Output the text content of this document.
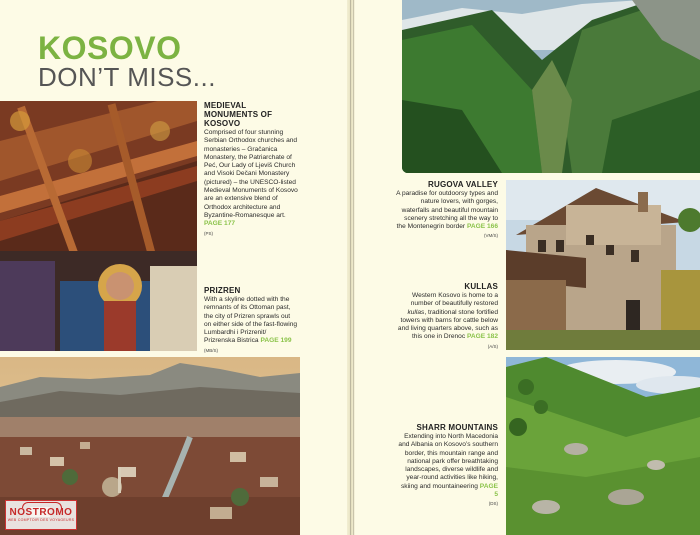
KOSOVO
DON’T MISS...
MEDIEVAL MONUMENTS OF KOSOVO

Comprised of four stunning Serbian Orthodox churches and monasteries – Gračanica Monastery, the Patriarchate of Peć, Our Lady of Ljeviš Church and Visoki Dečani Monastery (pictured) – the UNESCO-listed Medieval Monuments of Kosovo are an extensive blend of Orthodox architecture and Byzantine-Romanesque art. PAGE 177
(PS)

PRIZREN

With a skyline dotted with the remnants of its Ottoman past, the city of Prizren sprawls out on either side of the fast-flowing Lumbardhi i Prizrenit/ Prizrenska Bistrica PAGE 199
(MB/S)

RUGOVA VALLEY

A paradise for outdoorsy types and nature lovers, with gorges, waterfalls and beautiful mountain scenery stretching all the way to the Montenegrin border PAGE 166
(VM/S)

KULLAS

Western Kosovo is home to a number of beautifully restored kullas, traditional stone fortified towers with barns for cattle below and living quarters above, such as this one in Drenoc PAGE 182
(A/S)

SHARR MOUNTAINS

Extending into North Macedonia and Albania on Kosovo’s southern border, this mountain range and national park offer breathtaking landscapes, diverse wildlife and year-round activities like hiking, skiing and mountaineering PAGE 5
(DS)

NOSTROMO
WEB COMPTOIR DES VOYAGEURS
